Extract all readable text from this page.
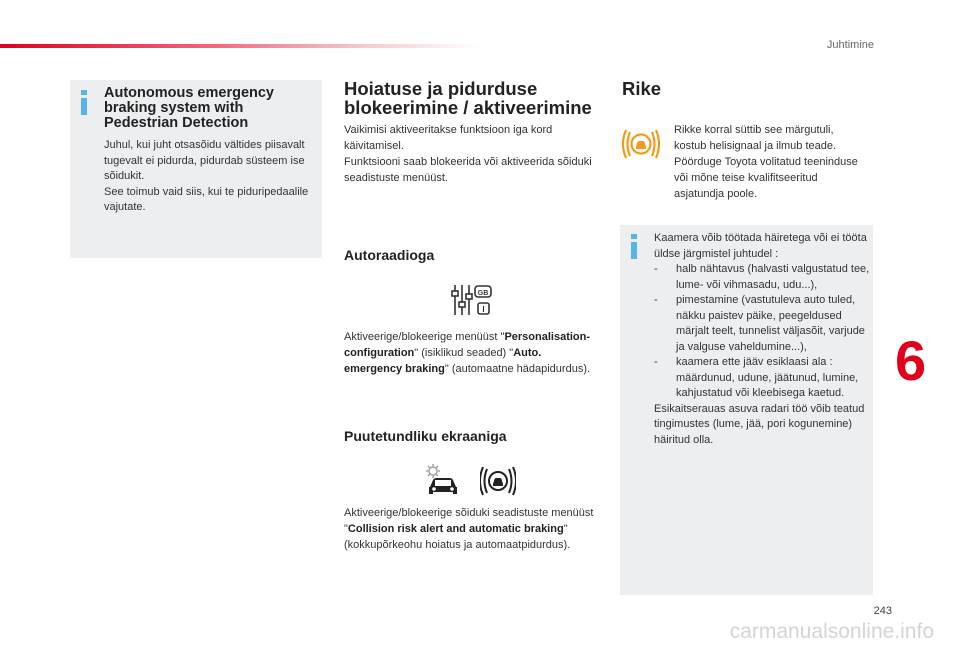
Juhtimine
Autonomous emergency braking system with Pedestrian Detection
Juhul, kui juht otsasõidu vältides piisavalt tugevalt ei pidurda, pidurdab süsteem ise sõidukit.
See toimub vaid siis, kui te piduripedaalile vajutate.
Hoiatuse ja pidurduse blokeerimine / aktiveerimine
Vaikimisi aktiveeritakse funktsioon iga kord käivitamisel.
Funktsiooni saab blokeerida või aktiveerida sõiduki seadistuste menüüst.
Autoraadioga
GB
I
Aktiveerige/blokeerige menüüst "Personalisation-configuration" (isiklikud seaded) "Auto. emergency braking" (automaatne hädapidurdus).
Puutetundliku ekraaniga
Aktiveerige/blokeerige sõiduki seadistuste menüüst "Collision risk alert and automatic braking" (kokkupõrkeohu hoiatus ja automaatpidurdus).
Rike
Rikke korral süttib see märgutuli, kostub helisignaal ja ilmub teade. Pöörduge Toyota volitatud teeninduse või mõne teise kvalifitseeritud asjatundja poole.
Kaamera võib töötada häiretega või ei tööta üldse järgmistel juhtudel :
- halb nähtavus (halvasti valgustatud tee, lume- või vihmasadu, udu...),
- pimestamine (vastutuleva auto tuled, näkku paistev päike, peegeldused märjalt teelt, tunnelist väljasõit, varjude ja valguse vaheldumine...),
- kaamera ette jääv esiklaasi ala : määrdunud, udune, jäätunud, lumine, kahjustatud või kleebisega kaetud.
Esikaitserauas asuva radari töö võib teatud tingimustes (lume, jää, pori kogunemine) häiritud olla.
6
243
carmanualsonline.info
